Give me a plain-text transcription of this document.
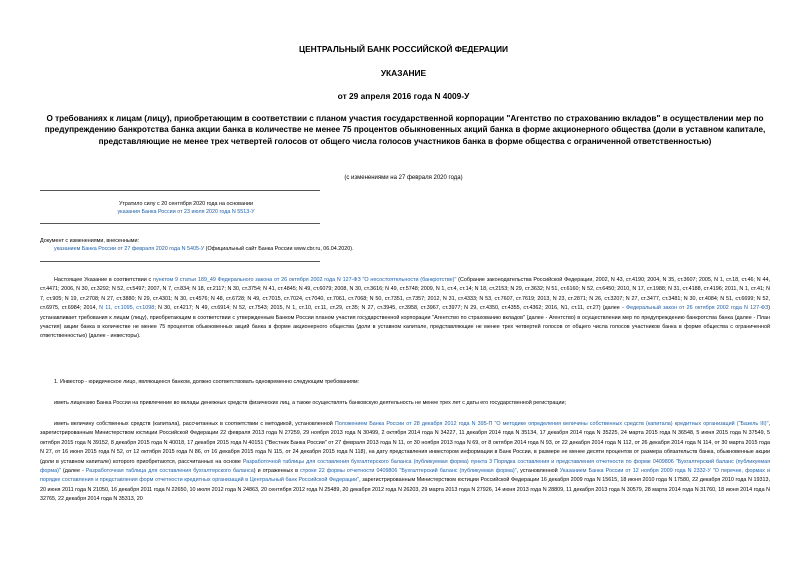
ЦЕНТРАЛЬНЫЙ БАНК РОССИЙСКОЙ ФЕДЕРАЦИИ
УКАЗАНИЕ
от 29 апреля 2016 года N 4009-У
О требованиях к лицам (лицу), приобретающим в соответствии с планом участия государственной корпорации "Агентство по страхованию вкладов" в осуществлении мер по предупреждению банкротства банка акции банка в количестве не менее 75 процентов обыкновенных акций банка в форме акционерного общества (доли в уставном капитале, представляющие не менее трех четвертей голосов от общего числа голосов участников банка в форме общества с ограниченной ответственностью)
(с изменениями на 27 февраля 2020 года)
Утратило силу с 20 сентября 2020 года на основании
указания Банка России от 23 июля 2020 года N 5513-У
Документ с изменениями, внесенными:
указанием Банка России от 27 февраля 2020 года N 5405-У (Официальный сайт Банка России www.cbr.ru, 06.04.2020).

Настоящее Указание в соответствии с пунктом 9 статьи 189_49 Федерального закона от 26 октября 2002 года N 127-ФЗ "О несостоятельности (банкротстве)" (Собрание законодательства Российской Федерации, 2002, N 43, ст.4190; 2004, N 35, ст.3607; 2005, N 1, ст.18, ст.46; N 44, ст.4471; 2006, N 30, ст.3292; N 52, ст.5497; 2007, N 7, ст.834; N 18, ст.2117; N 30, ст.3754; N 41, ст.4845; N 49, ст.6079; 2008, N 30, ст.3616; N 49, ст.5748; 2009, N 1, ст.4, ст.14; N 18, ст.2153; N 29, ст.3632; N 51, ст.6160; N 52, ст.6450; 2010, N 17, ст.1988; N 31, ст.4188, ст.4196; 2011, N 1, ст.41; N 7, ст.905; N 19, ст.2708; N 27, ст.3880; N 29, ст.4301; N 30, ст.4576; N 48, ст.6728; N 49, ст.7015, ст.7024, ст.7040, ст.7061, ст.7068; N 50, ст.7351, ст.7357; 2012, N 31, ст.4333; N 53, ст.7607, ст.7619; 2013, N 23, ст.2871; N 26, ст.3207; N 27, ст.3477, ст.3481; N 30, ст.4084; N 51, ст.6699; N 52, ст.6975, ст.6984; 2014, N 11, ст.1095, ст.1098; N 30, ст.4217; N 49, ст.6914; N 52, ст.7543; 2015, N 1, ст.10, ст.11, ст.29, ст.35; N 27, ст.3945, ст.3958, ст.3967, ст.3977; N 29, ст.4350, ст.4355, ст.4362; 2016, N1, ст.11, ст.27) (далее - Федеральный закон от 26 октября 2002 года N 127-ФЗ) устанавливает требования к лицам (лицу), приобретающим в соответствии с утвержденным Банком России планом участия государственной корпорации "Агентство по страхованию вкладов" (далее - Агентство) в осуществлении мер по предупреждению банкротства банка (далее - План участия) акции банка в количестве не менее 75 процентов обыкновенных акций банка в форме акционерного общества (доли в уставном капитале, представляющие не менее трех четвертей голосов от общего числа голосов участников банка в форме общества с ограниченной ответственностью) (далее - инвесторы).

1. Инвестор - юридическое лицо, являющееся банком, должно соответствовать одновременно следующим требованиям:

иметь лицензию Банка России на привлечение во вклады денежных средств физических лиц, а также осуществлять банковскую деятельность не менее трех лет с даты его государственной регистрации;

иметь величину собственных средств (капитала), рассчитанных в соответствии с методикой, установленной Положением Банка России от 28 декабря 2012 года N 395-П "О методике определения величины собственных средств (капитала) кредитных организаций ("Базель III)", зарегистрированным Министерством юстиции Российской Федерации 22 февраля 2013 года N 27259, 29 ноября 2013 года N 30499, 2 октября 2014 года N 34227, 11 декабря 2014 года N 35134, 17 декабря 2014 года N 35225, 24 марта 2015 года N 36548, 5 июня 2015 года N 37549, 5 октября 2015 года N 39152, 8 декабря 2015 года N 40018, 17 декабря 2015 года N 40151 ("Вестник Банка России" от 27 февраля 2013 года N 11, от 30 ноября 2013 года N 69, от 8 октября 2014 года N 93, от 22 декабря 2014 года N 112, от 26 декабря 2014 года N 114, от 30 марта 2015 года N 27, от 16 июня 2015 года N 52, от 12 октября 2015 года N 86, от 16 декабря 2015 года N 115, от 24 декабря 2015 года N 118), на дату представления инвестором информации в Банк России, в размере не менее десяти процентов от размера обязательств банка, обыкновенные акции (доли в уставном капитале) которого приобретаются, рассчитанных на основе Разработочной таблицы для составления бухгалтерского баланса (публикуемая форма) пункта 3 Порядка составления и представления отчетности по форме 0409806 "Бухгалтерский баланс (публикуемая форма)" (далее - Разработочная таблица для составления бухгалтерского баланса) и отраженных в строке 22 формы отчетности 0409806 "Бухгалтерский баланс (публикуемая форма)", установленной Указанием Банка России от 12 ноября 2009 года N 2332-У "О перечне, формах и порядке составления и представления форм отчетности кредитных организаций в Центральный банк Российской Федерации", зарегистрированным Министерством юстиции Российской Федерации 16 декабря 2009 года N 15615, 18 июня 2010 года N 17580, 22 декабря 2010 года N 19313, 20 июня 2011 года N 21050, 16 декабря 2011 года N 22650, 10 июля 2012 года N 24863, 20 сентября 2012 года N 25489, 20 декабря 2012 года N 26203, 29 марта 2013 года N 27926, 14 июня 2013 года N 28809, 11 декабря 2013 года N 30579, 28 марта 2014 года N 31760, 18 июня 2014 года N 32765, 22 декабря 2014 года N 35313, 20
